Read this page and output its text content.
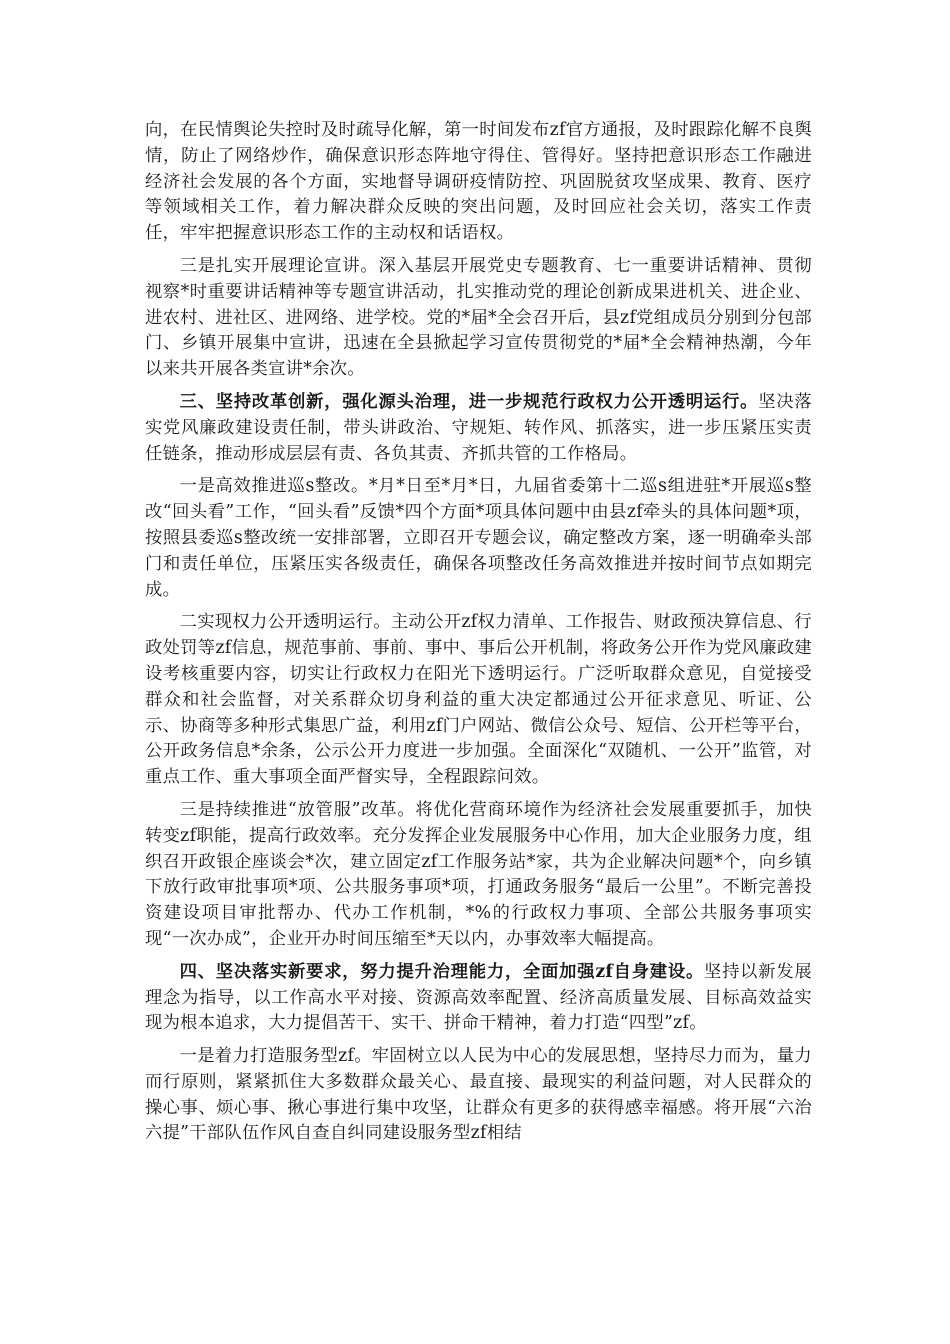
向，在民情舆论失控时及时疏导化解，第一时间发布zf官方通报，及时跟踪化解不良舆情，防止了网络炒作，确保意识形态阵地守得住、管得好。坚持把意识形态工作融进经济社会发展的各个方面，实地督导调研疫情防控、巩固脱贫攻坚成果、教育、医疗等领域相关工作，着力解决群众反映的突出问题，及时回应社会关切，落实工作责任，牢牢把握意识形态工作的主动权和话语权。

三是扎实开展理论宣讲。深入基层开展党史专题教育、七一重要讲话精神、贯彻视察*时重要讲话精神等专题宣讲活动，扎实推动党的理论创新成果进机关、进企业、进农村、进社区、进网络、进学校。党的*届*全会召开后，县zf党组成员分别到分包部门、乡镇开展集中宣讲，迅速在全县掀起学习宣传贯彻党的*届*全会精神热潮，今年以来共开展各类宣讲*余次。

三、坚持改革创新，强化源头治理，进一步规范行政权力公开透明运行。坚决落实党风廉政建设责任制，带头讲政治、守规矩、转作风、抓落实，进一步压紧压实责任链条，推动形成层层有责、各负其责、齐抓共管的工作格局。

一是高效推进巡s整改。*月*日至*月*日，九届省委第十二巡s组进驻*开展巡s整改“回头看”工作，“回头看”反馈*四个方面*项具体问题中由县zf牵头的具体问题*项，按照县委巡s整改统一安排部署，立即召开专题会议，确定整改方案，逐一明确牵头部门和责任单位，压紧压实各级责任，确保各项整改任务高效推进并按时间节点如期完成。

二实现权力公开透明运行。主动公开zf权力清单、工作报告、财政预决算信息、行政处罚等zf信息，规范事前、事前、事中、事后公开机制，将政务公开作为党风廉政建设考核重要内容，切实让行政权力在阳光下透明运行。广泛听取群众意见，自觉接受群众和社会监督，对关系群众切身利益的重大决定都通过公开征求意见、听证、公示、协商等多种形式集思广益，利用zf门户网站、微信公众号、短信、公开栏等平台，公开政务信息*余条，公示公开力度进一步加强。全面深化“双随机、一公开”监管，对重点工作、重大事项全面严督实导，全程跟踪问效。

三是持续推进“放管服”改革。将优化营商环境作为经济社会发展重要抓手，加快转变zf职能，提高行政效率。充分发挥企业发展服务中心作用，加大企业服务力度，组织召开政银企座谈会*次，建立固定zf工作服务站*家，共为企业解决问题*个，向乡镇下放行政审批事项*项、公共服务事项*项，打通政务服务“最后一公里”。不断完善投资建设项目审批帮办、代办工作机制，*%的行政权力事项、全部公共服务事项实现“一次办成”，企业开办时间压缩至*天以内，办事效率大幅提高。

四、坚决落实新要求，努力提升治理能力，全面加强zf自身建设。坚持以新发展理念为指导，以工作高水平对接、资源高效率配置、经济高质量发展、目标高效益实现为根本追求，大力提倡苦干、实干、拼命干精神，着力打造“四型”zf。

一是着力打造服务型zf。牢固树立以人民为中心的发展思想，坚持尽力而为，量力而行原则，紧紧抓住大多数群众最关心、最直接、最现实的利益问题，对人民群众的操心事、烦心事、揪心事进行集中攻坚，让群众有更多的获得感幸福感。将开展“六治六提”干部队伍作风自查自纠同建设服务型zf相结
